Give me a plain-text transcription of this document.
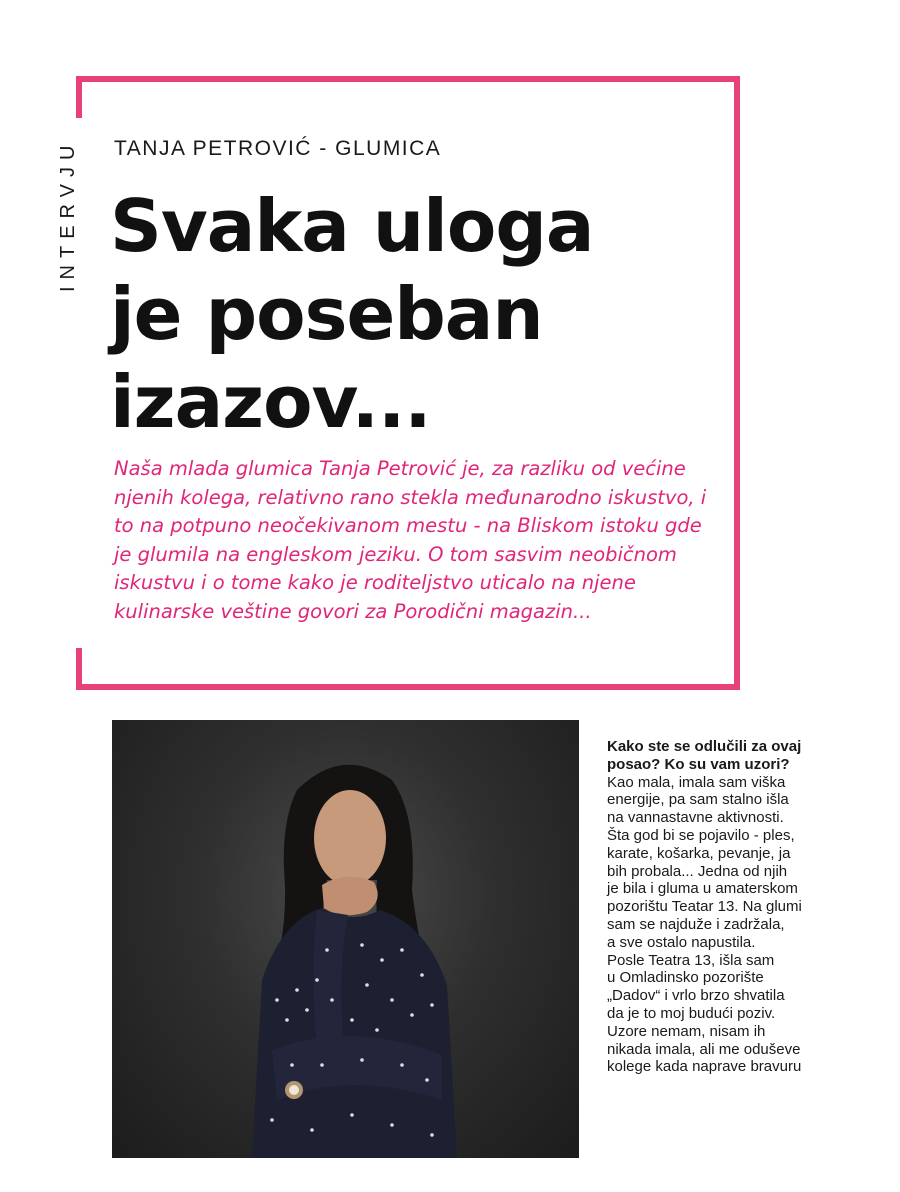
INTERVJU TANJA PETROVIĆ - GLUMICA
Svaka uloga
je poseban
izazov...
Naša mlada glumica Tanja Petrović je, za razliku od većine njenih kolega, relativno rano stekla međunarodno iskustvo, i to na potpuno neočekivanom mestu - na Bliskom istoku gde je glumila na engleskom jeziku. O tom sasvim neobičnom iskustvu i o tome kako je roditeljstvo uticalo na njene kulinarske veštine govori za Porodični magazin...
Kako ste se odlučili za ovaj posao? Ko su vam uzori?
Kao mala, imala sam viška
energije, pa sam stalno išla
na vannastavne aktivnosti.
Šta god bi se pojavilo - ples,
karate, košarka, pevanje, ja
bih probala... Jedna od njih
je bila i gluma u amaterskom
pozorištu Teatar 13. Na glumi
sam se najduže i zadržala,
a sve ostalo napustila.
Posle Teatra 13, išla sam
u Omladinsko pozorište
„Dadov“ i vrlo brzo shvatila
da je to moj budući poziv.
Uzore nemam, nisam ih
nikada imala, ali me oduševe
kolege kada naprave bravuru
